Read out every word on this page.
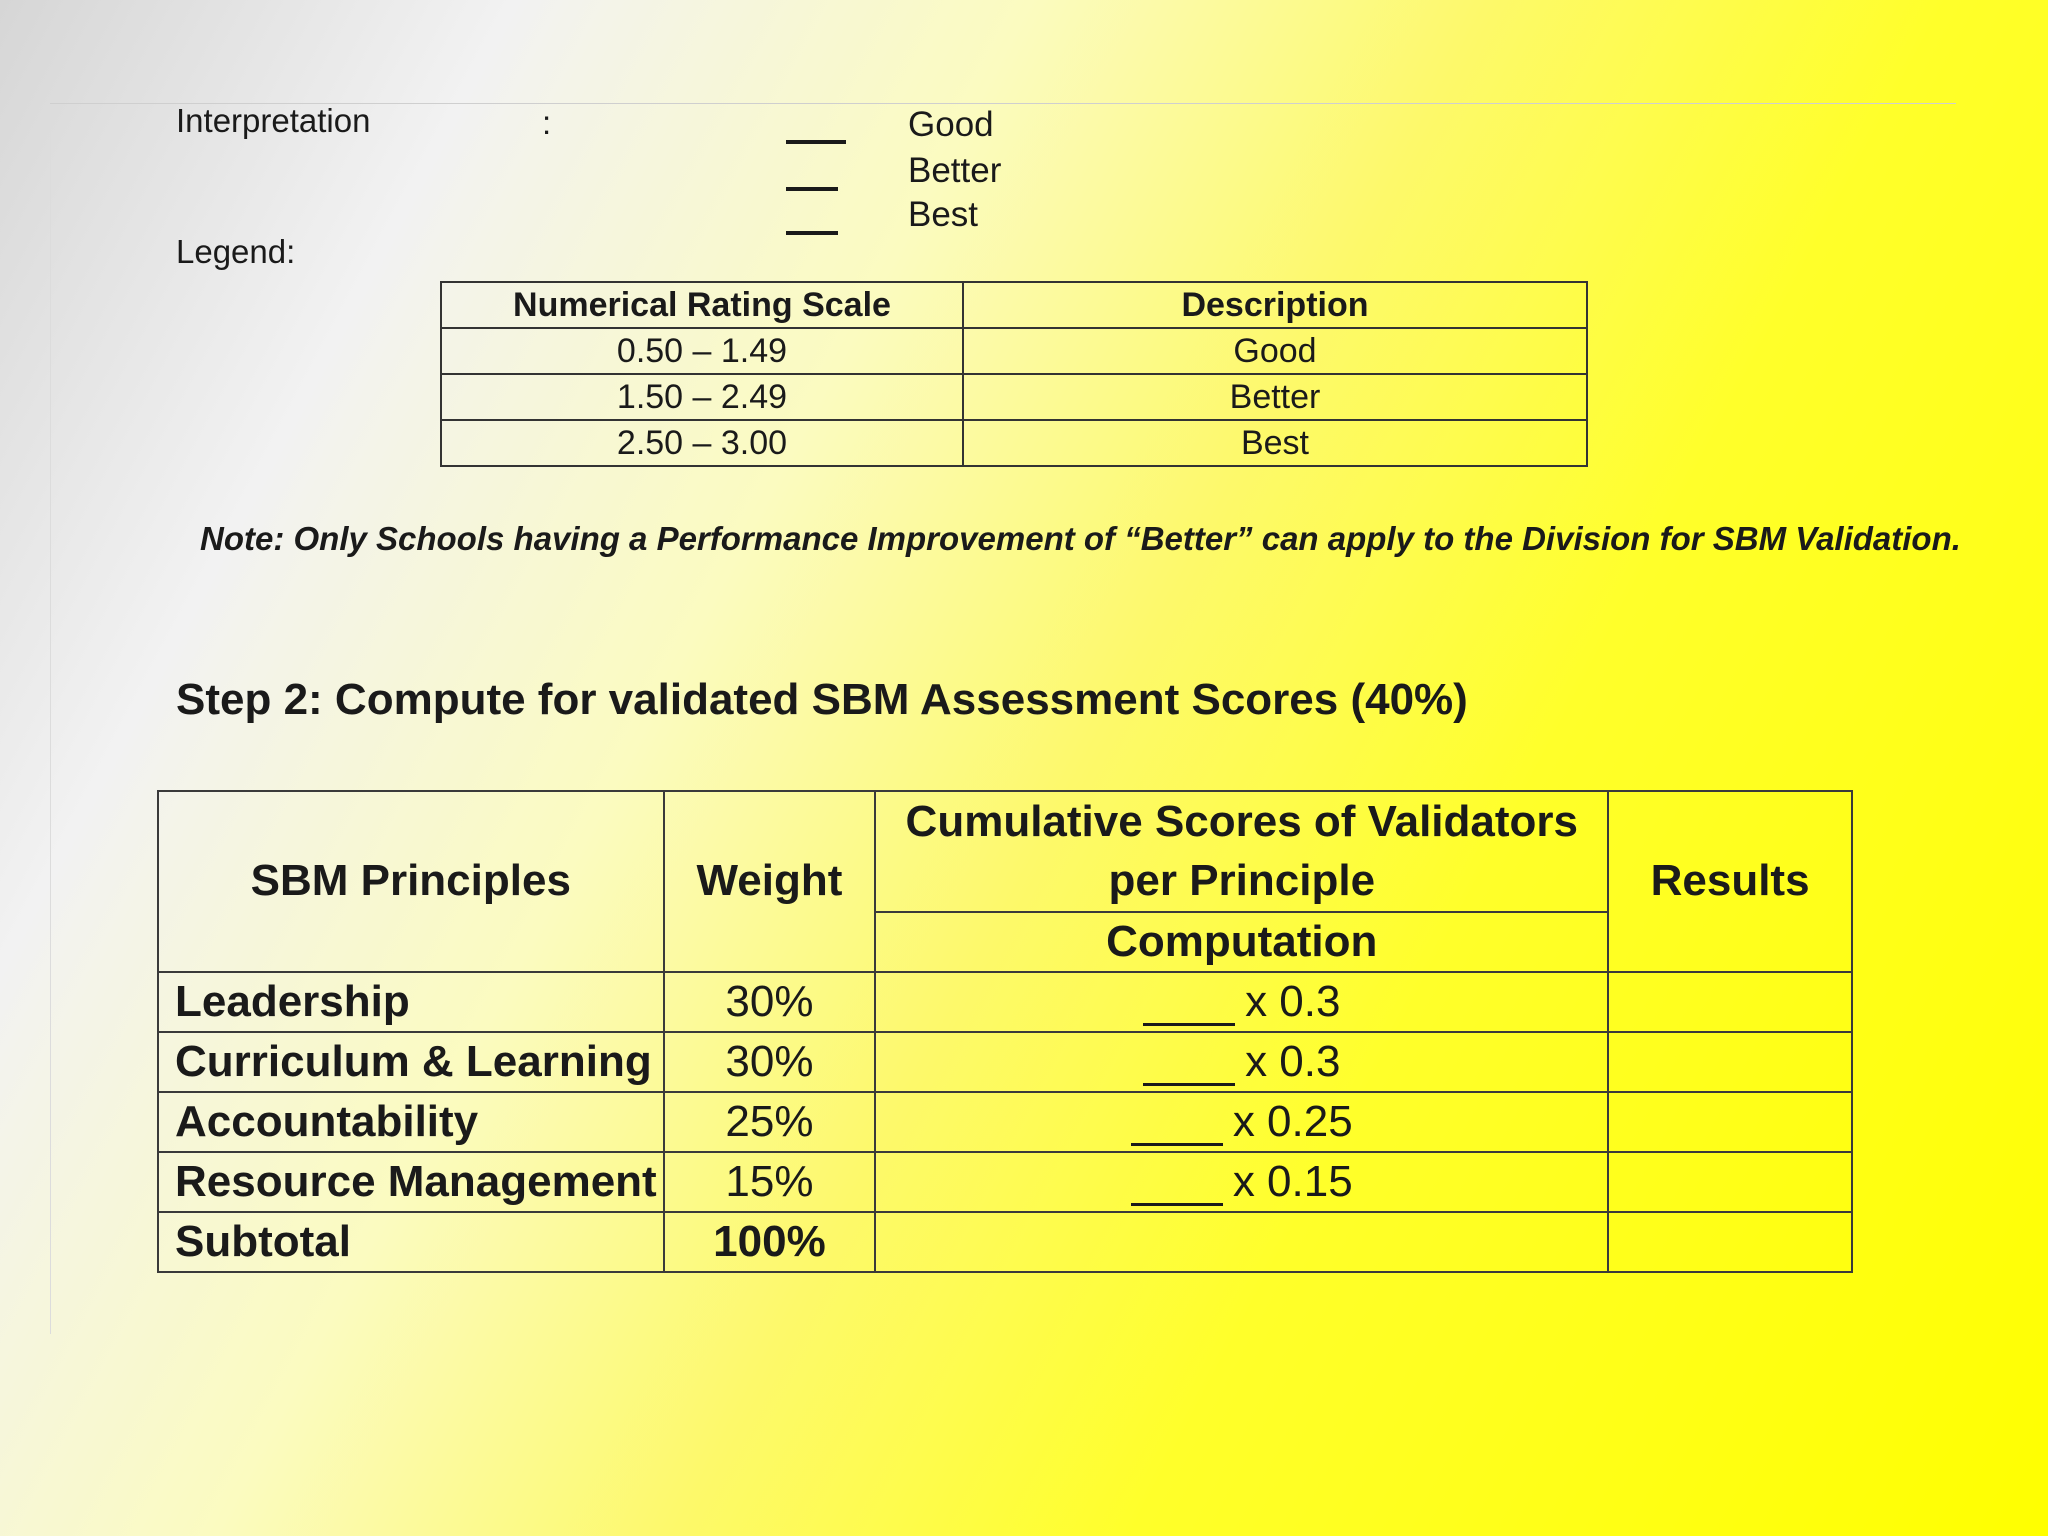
Interpretation	:	Good
Better
Best
Legend:
Numerical Rating Scale	Description
0.50 – 1.49	Good
1.50 – 2.49	Better
2.50 – 3.00	Best
Note: Only Schools having a Performance Improvement of “Better” can apply to the Division for SBM Validation.
Step 2: Compute for validated SBM Assessment Scores (40%)
SBM Principles	Weight	Cumulative Scores of Validators per Principle	Results
		Computation	
Leadership	30%	x 0.3	
Curriculum & Learning	30%	x 0.3	
Accountability	25%	x 0.25	
Resource Management	15%	x 0.15	
Subtotal	100%		
